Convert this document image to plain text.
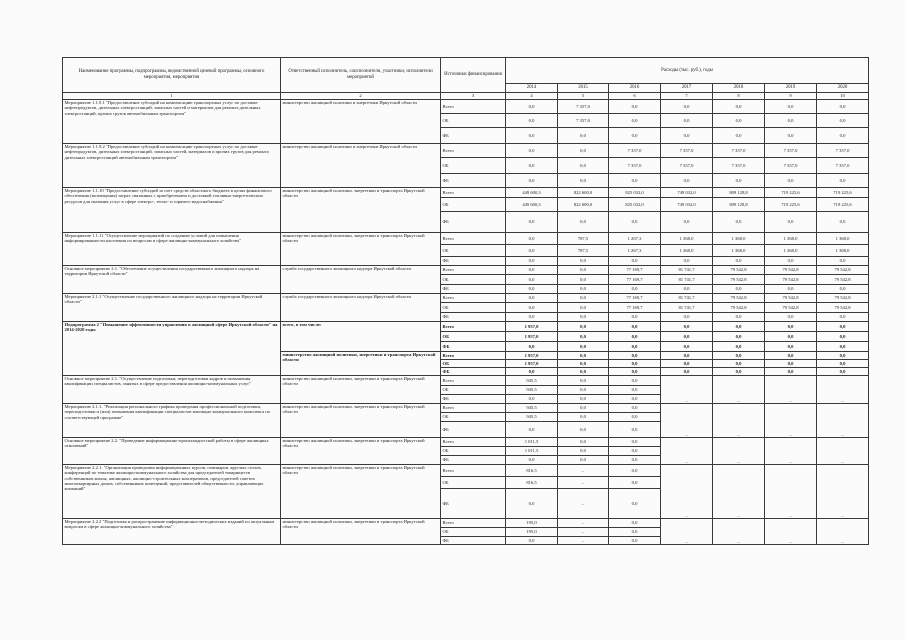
Наименование программы, подпрограммы, ведомственной целевой программы, основного мероприятия, мероприятия	Ответственный исполнитель, соисполнители, участники, исполнители мероприятий	Источники финансирования	Расходы (тыс. руб.), годы						
			2014	2015	2016	2017	2018	2019	2020
1	2	3	4	5	6	7	8	9	10
Мероприятие 1.1.9.1 "Предоставление субсидий на компенсацию транспортных услуг по доставке нефтепродуктов, дизельных электростанций, запасных частей и материалов для ремонта дизельных электростанций, прочих грузов автомобильным транспортом"	министерство жилищной политики и энергетики Иркутской области	Всего	0,0	7 357,0	0,0	0,0	0,0	0,0	0,0
		ОБ	0,0	7 357,0	0,0	0,0	0,0	0,0	0,0
		ФБ	0,0	0,0	0,0	0,0	0,0	0,0	0,0
Мероприятие 1.1.9.2 "Предоставление субсидий на компенсацию транспортных услуг по доставке нефтепродуктов, дизельных электростанций, запасных частей, материалов и прочих грузов для ремонта дизельных электростанций автомобильным транспортом"	министерство жилищной политики и энергетики Иркутской области	Всего	0,0	0,0	7 357,0	7 357,0	7 357,0	7 357,0	7 357,0
		ОБ	0,0	0,0	7 357,0	7 357,0	7 357,0	7 357,0	7 357,0
		ФБ	0,0	0,0	0,0	0,0	0,0	0,0	0,0
Мероприятие 1.1.10 "Предоставление субсидий за счет средств областного бюджета в целях финансового обеспечения (возмещения) затрат, связанных с приобретением и доставкой топливно-энергетических ресурсов для оказания услуг в сфере электро-, тепло- и горячего водоснабжения"	министерство жилищной политики, энергетики и транспорта Иркутской области	Всего	449 600,3	822 600,0	825 032,0	749 032,0	809 128,8	719 225,6	719 225,6
		ОБ	449 600,3	822 600,0	825 032,0	749 032,0	809 128,8	719 225,6	719 225,6
		ФБ	0,0	0,0	0,0	0,0	0,0	0,0	0,0
Мероприятие 1.1.11 "Осуществление мероприятий по созданию условий для повышения информированности населения по вопросам в сфере жилищно-коммунального хозяйства"	министерство жилищной политики, энергетики и транспорта Иркутской области	Всего	0,0	787,5	1 267,3	1 368,0	1 368,0	1 368,0	1 368,0
		ОБ	0,0	787,5	1 267,3	1 368,0	1 368,0	1 368,0	1 368,0
		ФБ	0,0	0,0	0,0	0,0	0,0	0,0	0,0
Основное мероприятие 2.1. "Обеспечение осуществления государственного жилищного надзора на территории Иркутской области"	служба государственного жилищного надзора Иркутской области	Всего	0,0	0,0	77 169,7	81 741,7	79 542,8	79 542,8	79 542,8
		ОБ	0,0	0,0	77 169,7	81 741,7	79 542,8	79 542,8	79 542,8
		ФБ	0,0	0,0	0,0	0,0	0,0	0,0	0,0
Мероприятие 2.1.1 "Осуществление государственного жилищного надзора на территории Иркутской области"	служба государственного жилищного надзора Иркутской области	Всего	0,0	0,0	77 169,7	81 741,7	79 542,8	79 542,8	79 542,8
		ОБ	0,0	0,0	77 169,7	81 741,7	79 542,8	79 542,8	79 542,8
		ФБ	0,0	0,0	0,0	0,0	0,0	0,0	0,0
Подпрограмма 2 "Повышение эффективности управления в жилищной сфере Иркутской области" на 2014-2020 годы	всего, в том числе:	Всего	1 957,0	0,0	0,0	0,0	0,0	0,0	0,0
		ОБ	1 957,0	0,0	0,0	0,0	0,0	0,0	0,0
		ФБ	0,0	0,0	0,0	0,0	0,0	0,0	0,0
	министерство жилищной политики, энергетики и транспорта Иркутской области	Всего	1 957,0	0,0	0,0	0,0	0,0	0,0	0,0
		ОБ	1 957,0	0,0	0,0	0,0	0,0	0,0	0,0
		ФБ	0,0	0,0	0,0	0,0	0,0	0,0	0,0
Основное мероприятие 2.1. "Осуществление подготовки, переподготовки кадров и повышения квалификации специалистов, занятых в сфере предоставления жилищно-коммунальных услуг"	министерство жилищной политики, энергетики и транспорта Иркутской области	Всего	945,5	0,0	0,0	–	–	–	–
		ОБ	945,5	0,0	0,0				
		ФБ	0,0	0,0	0,0				
Мероприятие 2.1.1. "Реализация регионального графика проведения профессиональной подготовки, переподготовки и (или) повышения квалификации специалистов жилищно-коммунального комплекса по соответствующей программе"	министерство жилищной политики, энергетики и транспорта Иркутской области	Всего	945,5	0,0	0,0	–	–	–	–
		ОБ	945,5	0,0	0,0				
		ФБ	0,0	0,0	0,0				
Основное мероприятие 2.2. "Проведение информационно-пропагандистской работы в сфере жилищных отношений"	министерство жилищной политики, энергетики и транспорта Иркутской области	Всего	1 011,5	0,0	0,0	–	–	–	–
		ОБ	1 011,5	0,0	0,0				
		ФБ	0,0	0,0	0,0				
Мероприятие 2.2.1. "Организация проведения информационных курсов, семинаров, круглых столов, конференций по тематике жилищно-коммунального хозяйства для председателей товариществ собственников жилья, жилищных, жилищно-строительных кооперативов, председателей советов многоквартирных домов, собственников помещений, представителей общественности, управляющих компаний"	министерство жилищной политики, энергетики и транспорта Иркутской области	Всего	816,5	–	0,0	–	–	–	–
		ОБ	816,5	–	0,0				
		ФБ	0,0	–	0,0				
Мероприятие 2.2.2 "Подготовка и распространение информационно-методических изданий по актуальным вопросам в сфере жилищно-коммунального хозяйства"	министерство жилищной политики, энергетики и транспорта Иркутской области	Всего	195,0	–	0,0	–	–	–	–
		ОБ	195,0	–	0,0				
		ФБ	0,0	–	0,0				
